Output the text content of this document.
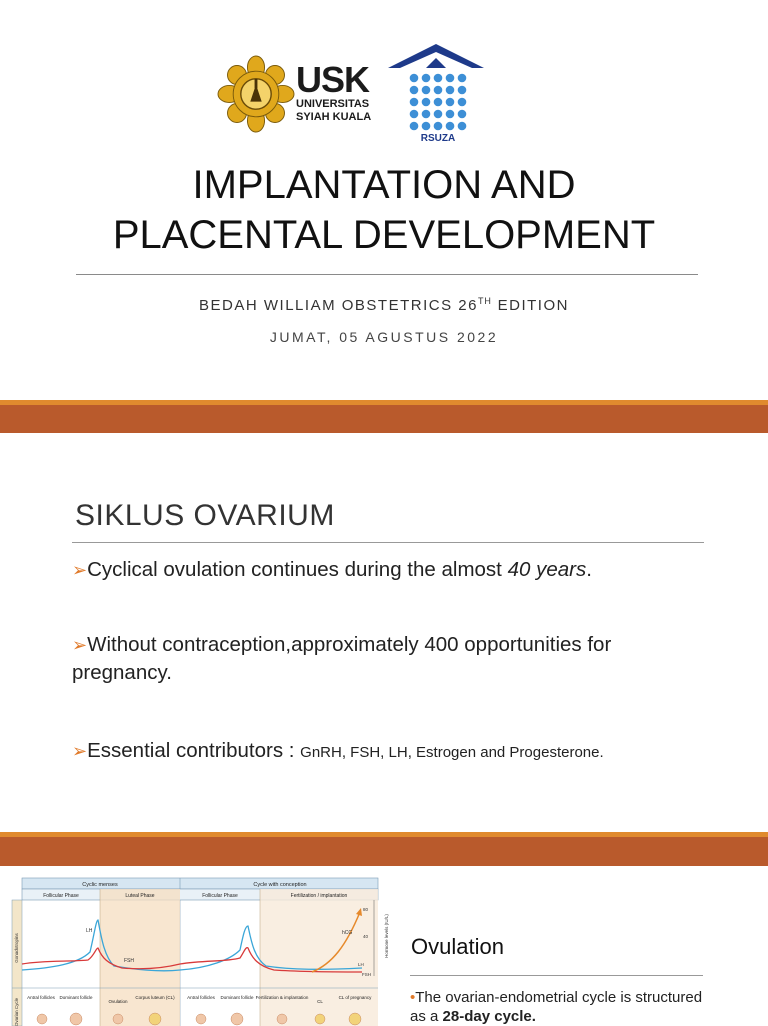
USK
UNIVERSITAS
SYIAH KUALA
RSUZA
IMPLANTATION AND
PLACENTAL DEVELOPMENT
BEDAH WILLIAM OBSTETRICS 26TH EDITION
JUMAT, 05 AGUSTUS 2022
SIKLUS OVARIUM
➢Cyclical ovulation continues during the almost 40 years.
➢Without contraception,approximately 400 opportunities for pregnancy.
➢Essential contributors : GnRH, FSH, LH, Estrogen and Progesterone.
Cyclic menses	Cycle with conception
Follicular Phase	Luteal Phase	Follicular Phase	Fertilization / implantation
Gonadotropins
Ovarian Cycle
80
40	Hormone levels (IU/L)
LH
FSH
hCG
LH
FSH
Antral follicles Dominant follicle
Ovulation
Corpus luteum (CL)	Antral follicles Dominant follicle Fertilization & implantation
CL
CL of pregnancy
Ovulation
•The ovarian-endometrial cycle is structured as a 28-day cycle.
